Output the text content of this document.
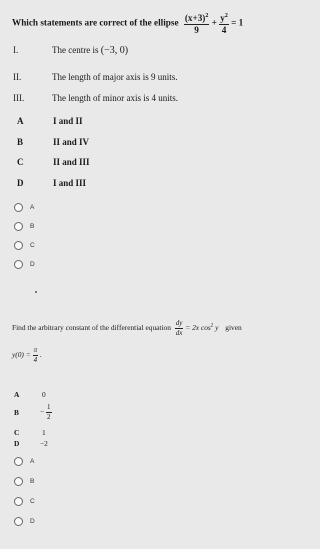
Which statements are correct of the ellipse $\frac{(x+3)^2}{9} + \frac{y^2}{4} = 1$
I.	The centre is (−3, 0)
II.	The length of major axis is 9 units.
III.	The length of minor axis is 4 units.
A	I and II
B	II and IV
C	II and III
D	I and III
A
B
C
D
Find the arbitrary constant of the differential equation $\frac{dy}{dx} = 2x$ $\cos^2 y$ given
$y(0) = \frac{\pi}{4}$ .
A	0
B	− $\frac{1}{2}$
C	1
D	−2
A
B
C
D
